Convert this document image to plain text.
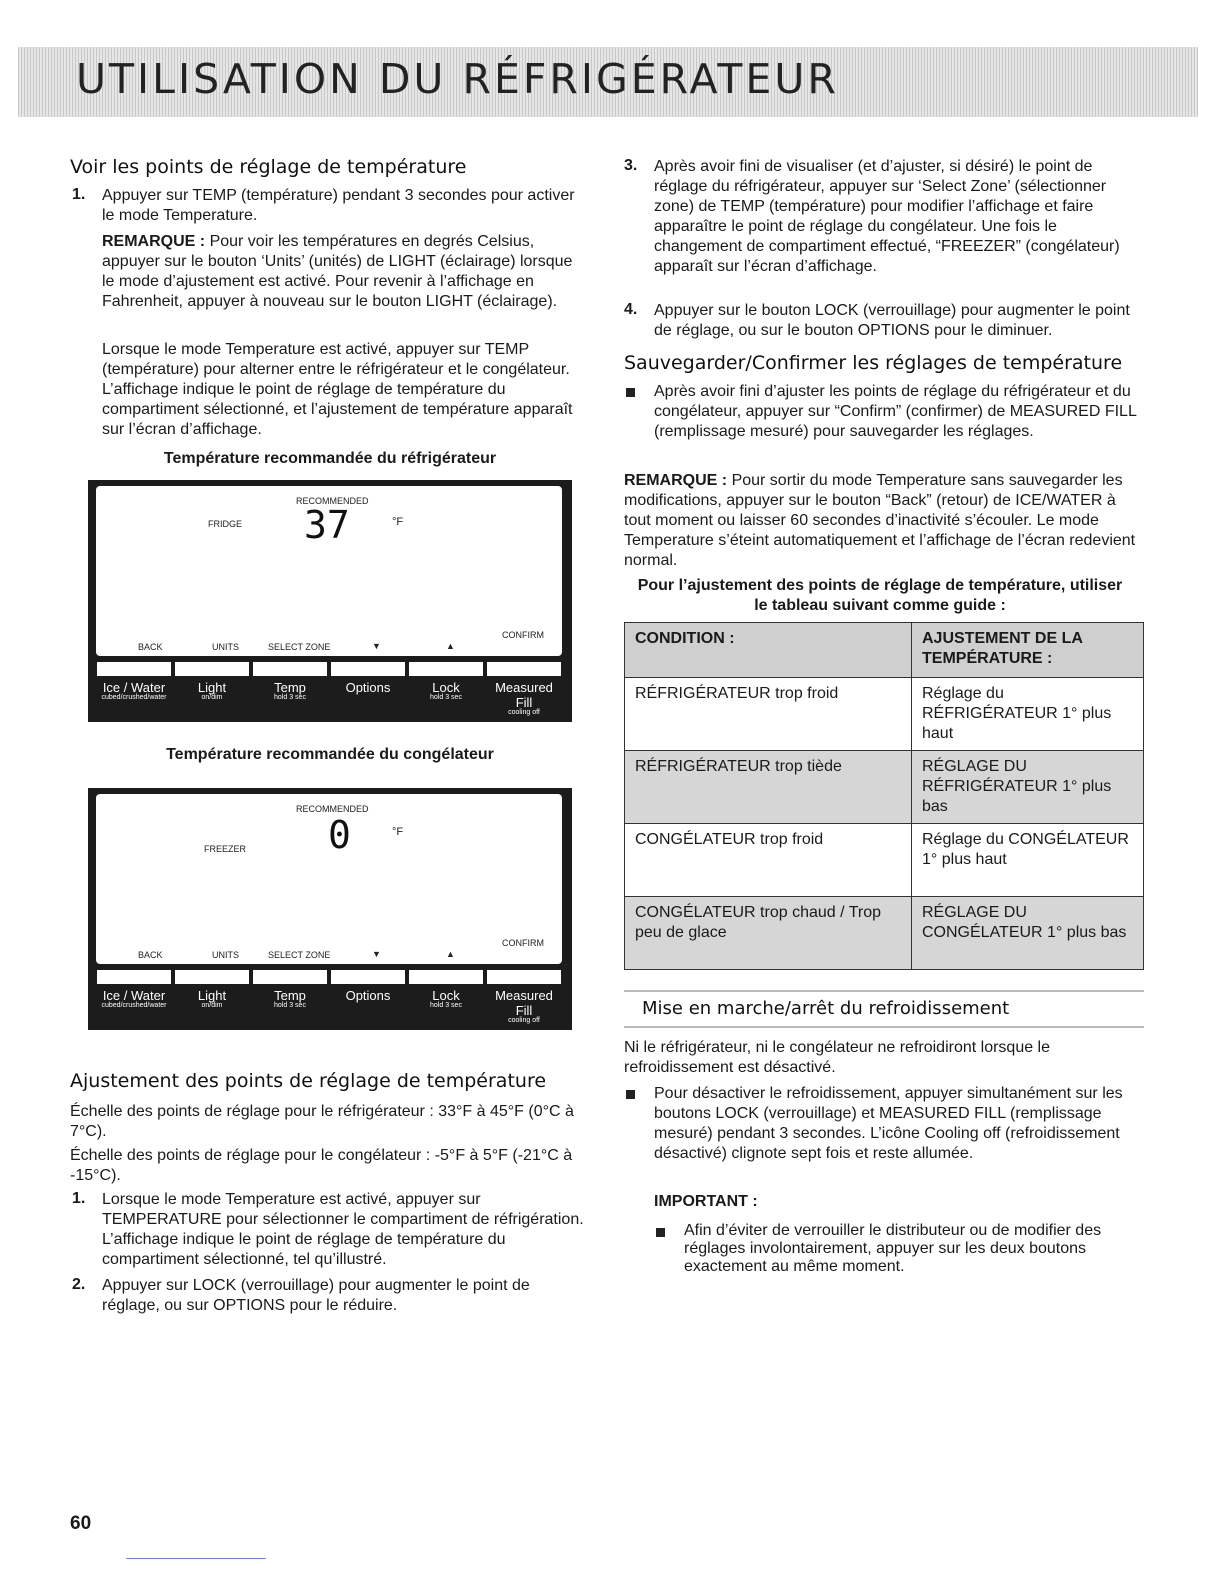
UTILISATION DU RÉFRIGÉRATEUR
Voir les points de réglage de température
1. Appuyer sur TEMP (température) pendant 3 secondes pour activer le mode Temperature.

REMARQUE : Pour voir les températures en degrés Celsius, appuyer sur le bouton ‘Units’ (unités) de LIGHT (éclairage) lorsque le mode d’ajustement est activé. Pour revenir à l’affichage en Fahrenheit, appuyer à nouveau sur le bouton LIGHT (éclairage).

Lorsque le mode Temperature est activé, appuyer sur TEMP (température) pour alterner entre le réfrigérateur et le congélateur. L’affichage indique le point de réglage de température du compartiment sélectionné, et l’ajustement de température apparaît sur l’écran d’affichage.

Température recommandée du réfrigérateur
RECOMMENDED
FRIDGE 37	°F
CONFIRM
BACK	UNITS	SELECT ZONE	▼	▲
Ice / Water
cubed/crushed/water
Light
on/dim
Temp
hold 3 sec
Options	Lock
hold 3 sec
Measured Fill
cooling off
Température recommandée du congélateur
RECOMMENDED
FREEZER 0	°F
CONFIRM
BACK	UNITS	SELECT ZONE	▼	▲
Ice / Water
cubed/crushed/water
Light
on/dim
Temp
hold 3 sec
Options	Lock
hold 3 sec
Measured Fill
cooling off
Ajustement des points de réglage de température

Échelle des points de réglage pour le réfrigérateur : 33°F à 45°F (0°C à 7°C).

Échelle des points de réglage pour le congélateur : -5°F à 5°F (-21°C à -15°C).

1. Lorsque le mode Temperature est activé, appuyer sur TEMPERATURE pour sélectionner le compartiment de réfrigération. L’affichage indique le point de réglage de température du compartiment sélectionné, tel qu’illustré.

2. Appuyer sur LOCK (verrouillage) pour augmenter le point de réglage, ou sur OPTIONS pour le réduire.

3. Après avoir fini de visualiser (et d’ajuster, si désiré) le point de réglage du réfrigérateur, appuyer sur ‘Select Zone’ (sélectionner zone) de TEMP (température) pour modifier l’affichage et faire apparaître le point de réglage du congélateur. Une fois le changement de compartiment effectué, “FREEZER” (congélateur) apparaît sur l’écran d’affichage.

4. Appuyer sur le bouton LOCK (verrouillage) pour augmenter le point de réglage, ou sur le bouton OPTIONS pour le diminuer.

Sauvegarder/Confirmer les réglages de température

Après avoir fini d’ajuster les points de réglage du réfrigérateur et du congélateur, appuyer sur “Confirm” (confirmer) de MEASURED FILL (remplissage mesuré) pour sauvegarder les réglages.

REMARQUE : Pour sortir du mode Temperature sans sauvegarder les modifications, appuyer sur le bouton “Back” (retour) de ICE/WATER à tout moment ou laisser 60 secondes d’inactivité s’écouler. Le mode Temperature s’éteint automatiquement et l’affichage de l’écran redevient normal.

Pour l’ajustement des points de réglage de température, utiliser le tableau suivant comme guide :
CONDITION :	AJUSTEMENT DE LA TEMPÉRATURE :
RÉFRIGÉRATEUR trop froid	Réglage du RÉFRIGÉRATEUR 1° plus haut
RÉFRIGÉRATEUR trop tiède	RÉGLAGE DU RÉFRIGÉRATEUR 1° plus bas
CONGÉLATEUR trop froid	Réglage du CONGÉLATEUR 1° plus haut
CONGÉLATEUR trop chaud / Trop peu de glace	RÉGLAGE DU CONGÉLATEUR 1° plus bas
Mise en marche/arrêt du refroidissement

Ni le réfrigérateur, ni le congélateur ne refroidiront lorsque le refroidissement est désactivé.

Pour désactiver le refroidissement, appuyer simultanément sur les boutons LOCK (verrouillage) et MEASURED FILL (remplissage mesuré) pendant 3 secondes. L’icône Cooling off (refroidissement désactivé) clignote sept fois et reste allumée.

IMPORTANT :

Afin d’éviter de verrouiller le distributeur ou de modifier des réglages involontairement, appuyer sur les deux boutons exactement au même moment.

60
